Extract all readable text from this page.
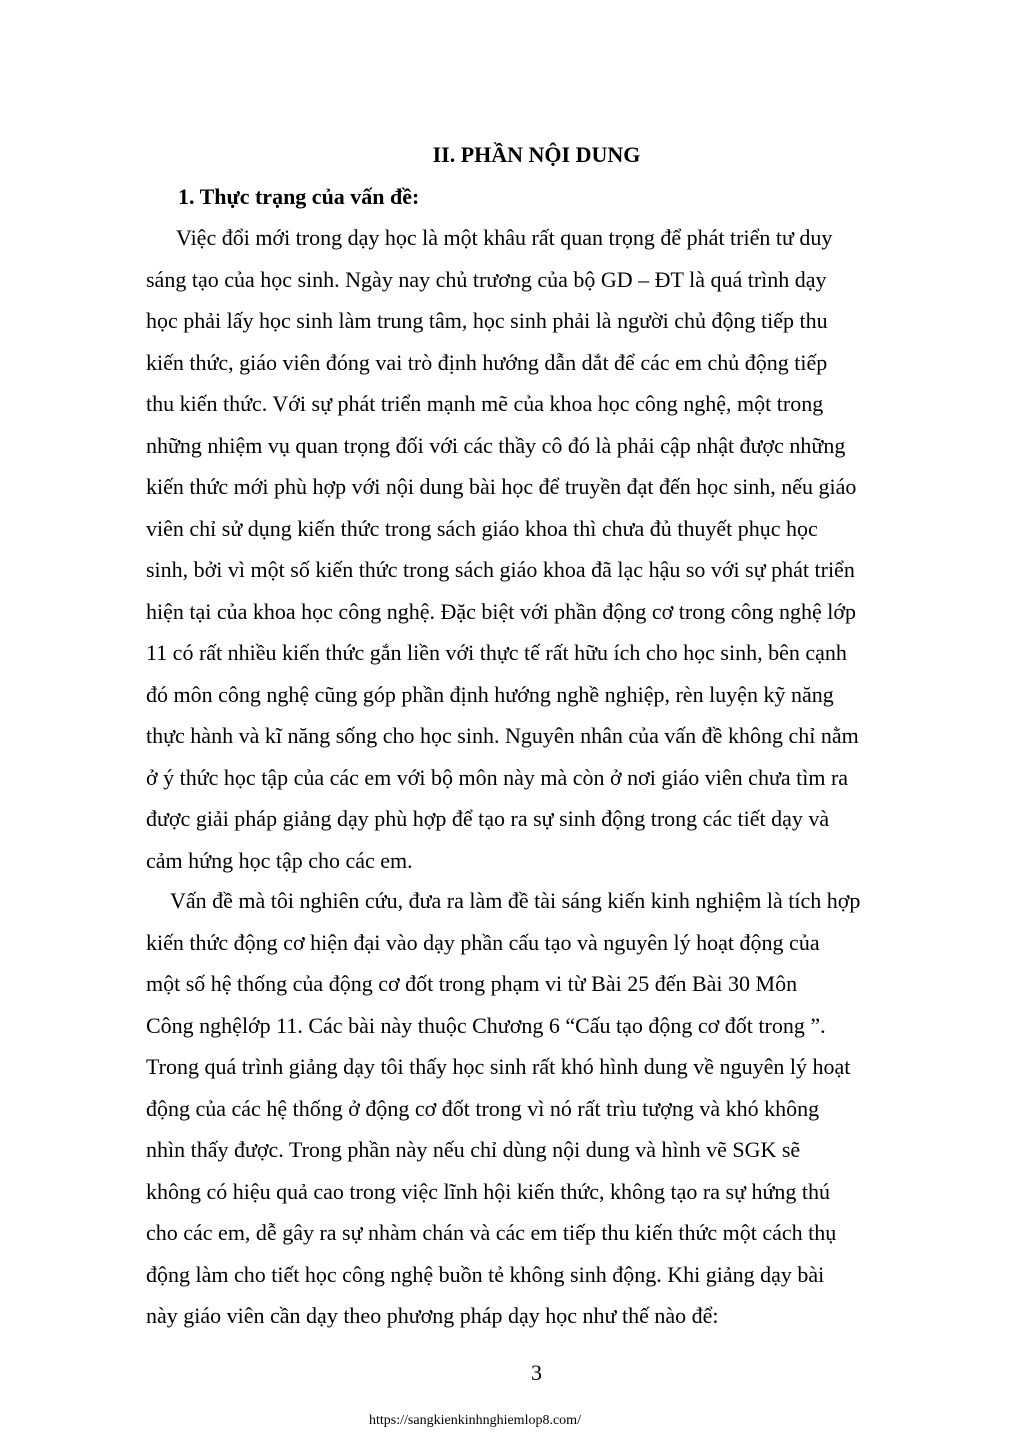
II. PHẦN NỘI DUNG
1. Thực trạng của vấn đề:

Việc đổi mới trong dạy học là một khâu rất quan trọng để phát triển tư duy
sáng tạo của học sinh. Ngày nay chủ trương của bộ GD – ĐT là quá trình dạy
học phải lấy học sinh làm trung tâm, học sinh phải là người chủ động tiếp thu
kiến thức, giáo viên đóng vai trò định hướng dẫn dắt để các em chủ động tiếp
thu kiến thức. Với sự phát triển mạnh mẽ của khoa học công nghệ, một trong
những nhiệm vụ quan trọng đối với các thầy cô đó là phải cập nhật được những
kiến thức mới phù hợp với nội dung bài học để truyền đạt đến học sinh, nếu giáo
viên chỉ sử dụng kiến thức trong sách giáo khoa thì chưa đủ thuyết phục học
sinh, bởi vì một số kiến thức trong sách giáo khoa đã lạc hậu so với sự phát triển
hiện tại của khoa học công nghệ. Đặc biệt với phần động cơ trong công nghệ lớp
11 có rất nhiều kiến thức gắn liền với thực tế rất hữu ích cho học sinh, bên cạnh
đó môn công nghệ cũng góp phần định hướng nghề nghiệp, rèn luyện kỹ năng
thực hành và kĩ năng sống cho học sinh. Nguyên nhân của vấn đề không chỉ nằm
ở ý thức học tập của các em với bộ môn này mà còn ở nơi giáo viên chưa tìm ra
được giải pháp giảng dạy phù hợp để tạo ra sự sinh động trong các tiết dạy và
cảm hứng học tập cho các em.

Vấn đề mà tôi nghiên cứu, đưa ra làm đề tài sáng kiến kinh nghiệm là tích hợp
kiến thức động cơ hiện đại vào dạy phần cấu tạo và nguyên lý hoạt động của
một số hệ thống của động cơ đốt trong phạm vi từ Bài 25 đến Bài 30 Môn
Công nghệlớp 11. Các bài này thuộc Chương 6 “Cấu tạo động cơ đốt trong ”.
Trong quá trình giảng dạy tôi thấy học sinh rất khó hình dung về nguyên lý hoạt
động của các hệ thống ở động cơ đốt trong vì nó rất trìu tượng và khó không
nhìn thấy được. Trong phần này nếu chỉ dùng nội dung và hình vẽ SGK sẽ
không có hiệu quả cao trong việc lĩnh hội kiến thức, không tạo ra sự hứng thú
cho các em, dễ gây ra sự nhàm chán và các em tiếp thu kiến thức một cách thụ
động làm cho tiết học công nghệ buồn tẻ không sinh động. Khi giảng dạy bài
này giáo viên cần dạy theo phương pháp dạy học như thế nào để:

3
https://sangkienkinhnghiemlop8.com/
